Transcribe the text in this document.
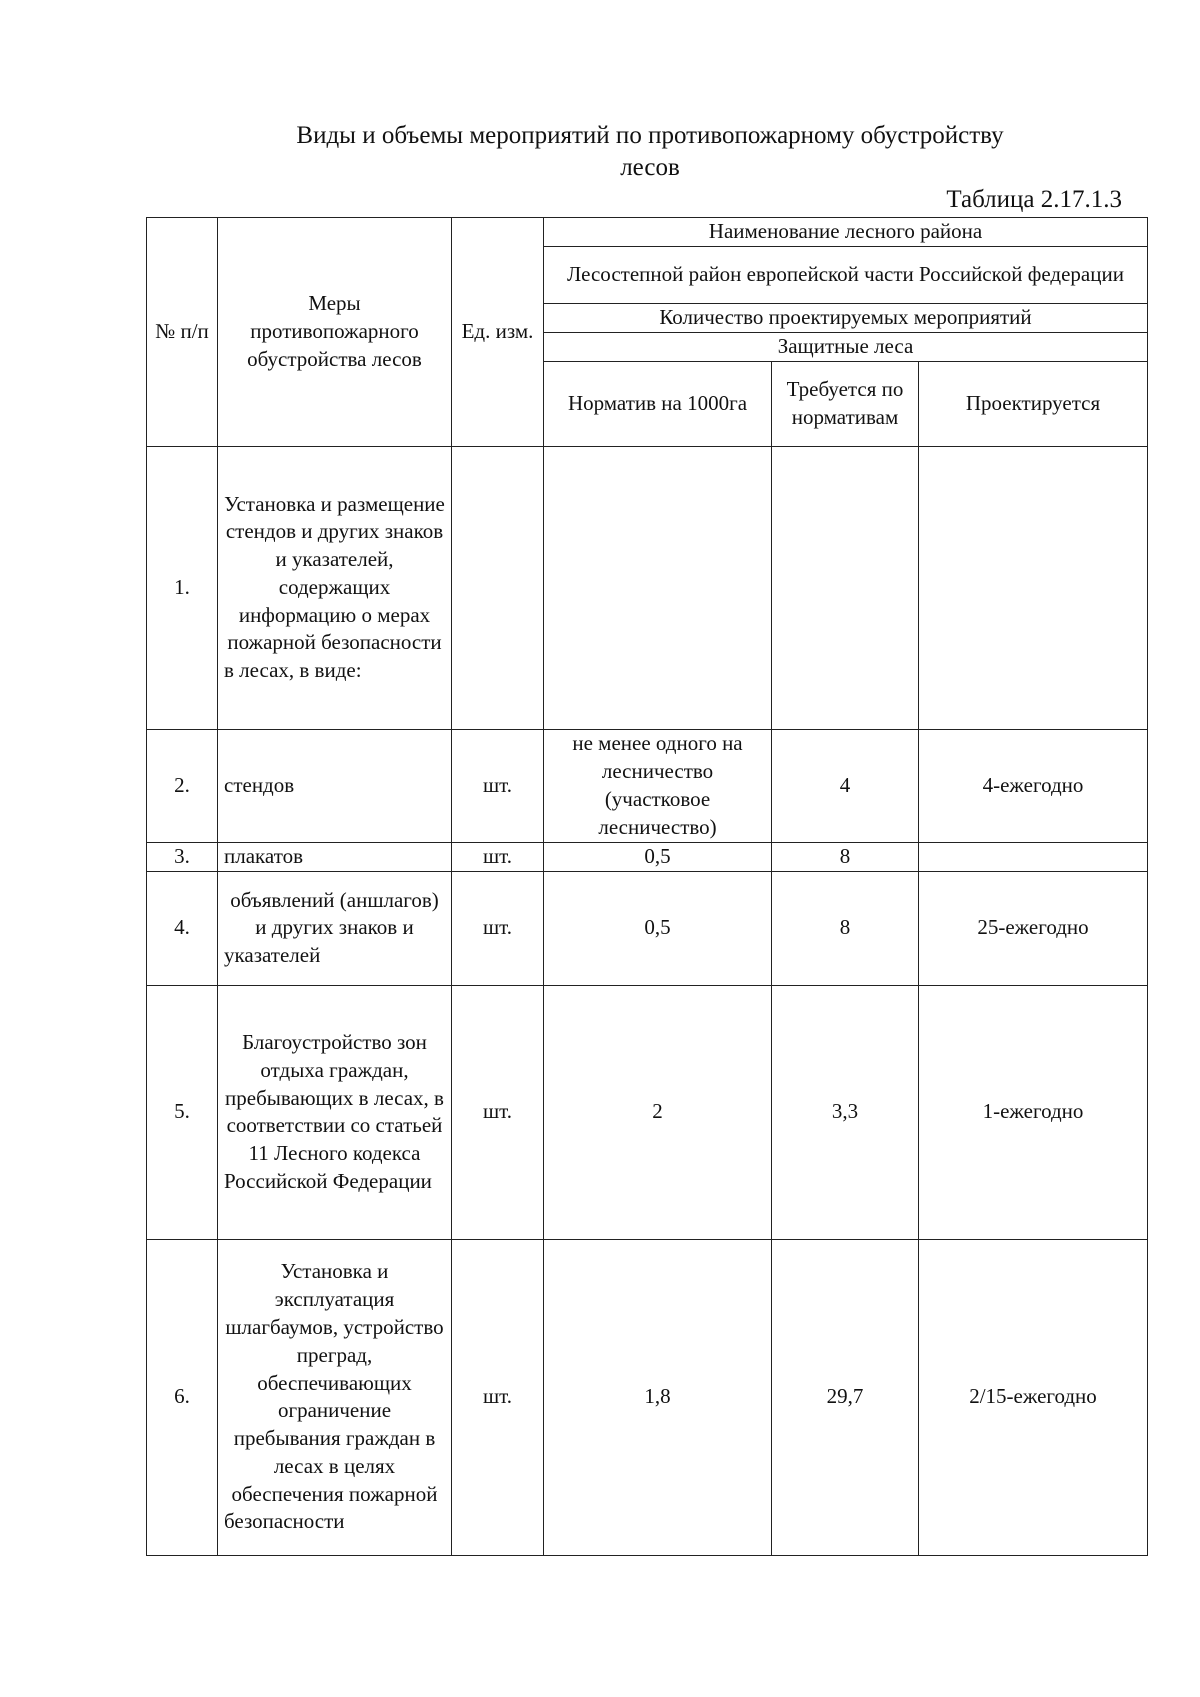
Виды и объемы мероприятий по противопожарному обустройству
лесов
Таблица 2.17.1.3
№ п/п	Меры противопожарного обустройства лесов	Ед. изм.	Наименование лесного района		
			Лесостепной район европейской части Российской федерации		
			Количество проектируемых мероприятий		
			Защитные леса		
			Норматив на 1000га	Требуется по нормативам	Проектируется
1.	Установка и размещение стендов и других знаков и указателей, содержащих информацию о мерах пожарной безопасности в лесах, в виде:				
2.	стендов	шт.	не менее одного на лесничество (участковое лесничество)	4	4-ежегодно
3.	плакатов	шт.	0,5	8	
4.	объявлений (аншлагов) и других знаков и указателей	шт.	0,5	8	25-ежегодно
5.	Благоустройство зон отдыха граждан, пребывающих в лесах, в соответствии со статьей 11 Лесного кодекса Российской Федерации	шт.	2	3,3	1-ежегодно
6.	Установка и эксплуатация шлагбаумов, устройство преград, обеспечивающих ограничение пребывания граждан в лесах в целях обеспечения пожарной безопасности	шт.	1,8	29,7	2/15-ежегодно
